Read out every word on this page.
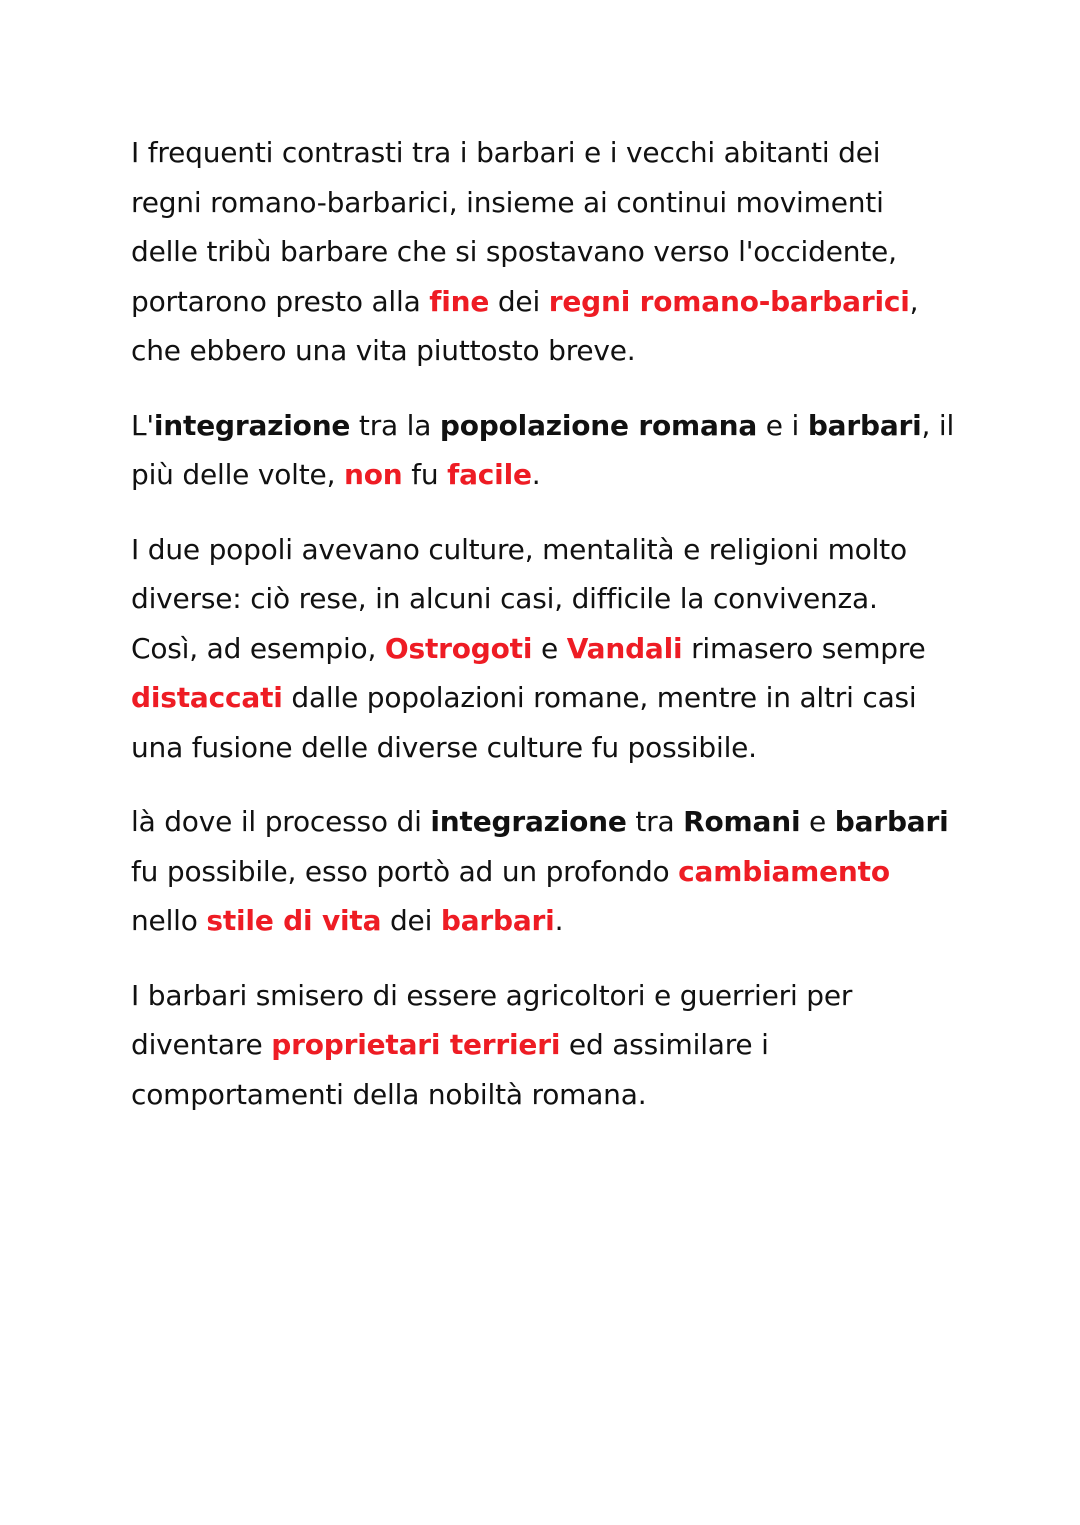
I frequenti contrasti tra i barbari e i vecchi abitanti dei
regni romano-barbarici, insieme ai continui movimenti
delle tribù barbare che si spostavano verso l'occidente,
portarono presto alla fine dei regni romano-barbarici,
che ebbero una vita piuttosto breve.

L'integrazione tra la popolazione romana e i barbari, il
più delle volte, non fu facile.

I due popoli avevano culture, mentalità e religioni molto
diverse: ciò rese, in alcuni casi, difficile la convivenza.
Così, ad esempio, Ostrogoti e Vandali rimasero sempre
distaccati dalle popolazioni romane, mentre in altri casi
una fusione delle diverse culture fu possibile.

là dove il processo di integrazione tra Romani e barbari
fu possibile, esso portò ad un profondo cambiamento
nello stile di vita dei barbari.

I barbari smisero di essere agricoltori e guerrieri per
diventare proprietari terrieri ed assimilare i
comportamenti della nobiltà romana.
